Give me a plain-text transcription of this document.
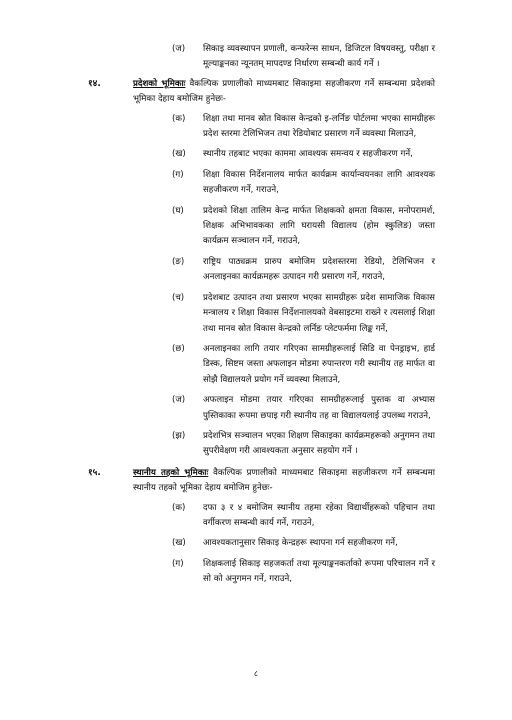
(ज) सिकाइ व्यवस्थापन प्रणाली, कन्फरेन्स साधन, डिजिटल विषयवस्तु, परीक्षा र मूल्याङ्कनका न्यूनतम् मापदण्ड निर्धारण सम्बन्धी कार्य गर्ने ।
१४.	प्रदेशको भूमिकाः वैकल्पिक प्रणालीको माध्यमबाट सिकाइमा सहजीकरण गर्ने सम्बन्धमा प्रदेशको भूमिका देहाय बमोजिम हुनेछः-
(क) शिक्षा तथा मानव स्रोत विकास केन्द्रको इ-लर्निङ पोर्टलमा भएका सामग्रीहरू प्रदेश स्तरमा टेलिभिजन तथा रेडियोबाट प्रसारण गर्ने व्यवस्था मिलाउने,
(ख) स्थानीय तहबाट भएका काममा आवश्यक समन्वय र सहजीकरण गर्ने,
(ग) शिक्षा विकास निर्देशनालय मार्फत कार्यक्रम कार्यान्वयनका लागि आवश्यक सहजीकरण गर्ने, गराउने,
(घ) प्रदेशको शिक्षा तालिम केन्द्र मार्फत शिक्षकको क्षमता विकास, मनोपरामर्श, शिक्षक अभिभावकका लागि घरायसी विद्यालय (होम स्कुलिङ) जस्ता कार्यक्रम सञ्चालन गर्ने, गराउने,
(ङ) राष्ट्रिय पाठ्यक्रम प्रारुप बमोजिम प्रदेशस्तरमा रेडियो, टेलिभिजन र अनलाइनका कार्यक्रमहरू उत्पादन गरी प्रसारण गर्ने, गराउने,
(च) प्रदेशबाट उत्पादन तथा प्रसारण भएका सामग्रीहरू प्रदेश सामाजिक विकास मन्त्रालय र शिक्षा विकास निर्देशनालयको वेबसाइटमा राख्ने र त्यसलाई शिक्षा तथा मानव स्रोत विकास केन्द्रको लर्निङ प्लेटफर्ममा लिङ्क गर्ने,
(छ) अनलाइनका लागि तयार गरिएका सामग्रीहरूलाई सिडि वा पेनड्राइभ, हार्ड डिस्क, सिष्टम जस्ता अफलाइन मोडमा रुपान्तरण गरी स्थानीय तह मार्फत वा सोझै विद्यालयले प्रयोग गर्ने व्यवस्था मिलाउने,
(ज) अफलाइन मोडमा तयार गरिएका सामग्रीहरूलाई पुस्तक वा अभ्यास पुस्तिकाका रूपमा छपाइ गरी स्थानीय तह वा विद्यालयलाई उपलब्ध गराउने,
(झ) प्रदेशभित्र सञ्चालन भएका शिक्षण सिकाइका कार्यक्रमहरूको अनुगमन तथा सुपरीवेक्षण गरी आवश्यकता अनुसार सहयोग गर्ने ।
१५.	स्थानीय तहको भूमिकाः वैकल्पिक प्रणालीको माध्यमबाट सिकाइमा सहजीकरण गर्ने सम्बन्धमा स्थानीय तहको भूमिका देहाय बमोजिम हुनेछः-
(क) दफा ३ र ४ बमोजिम स्थानीय तहमा रहेका विद्यार्थीहरूको पहिचान तथा वर्गीकरण सम्बन्धी कार्य गर्ने, गराउने,
(ख) आवश्यकतानुसार सिकाइ केन्द्रहरू स्थापना गर्न सहजीकरण गर्ने,
(ग) शिक्षकलाई सिकाइ सहजकर्ता तथा मूल्याङ्कनकर्ताको रूपमा परिचालन गर्ने र सो को अनुगमन गर्ने, गराउने,
८
